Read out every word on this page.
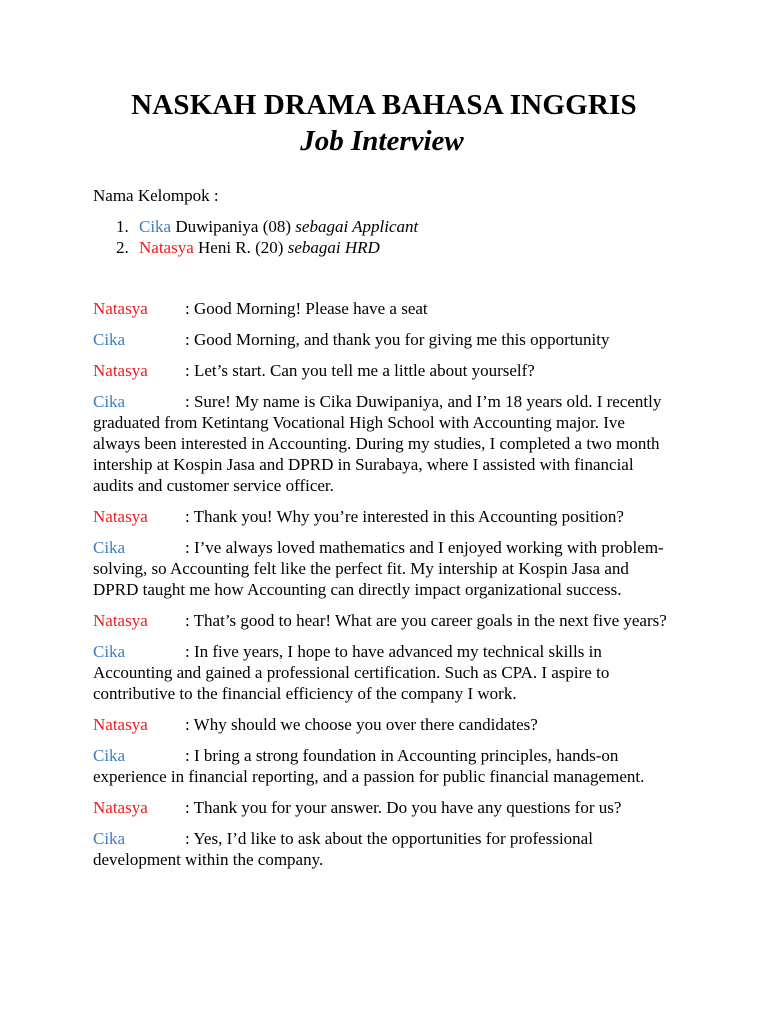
NASKAH DRAMA BAHASA INGGRIS
Job Interview
Nama Kelompok :
1. Cika Duwipaniya (08) sebagai Applicant
2. Natasya Heni R. (20) sebagai HRD

Natasya : Good Morning! Please have a seat

Cika	: Good Morning, and thank you for giving me this opportunity

Natasya : Let’s start. Can you tell me a little about yourself?

Cika	: Sure! My name is Cika Duwipaniya, and I’m 18 years old. I recently graduated from Ketintang Vocational High School with Accounting major. Ive always been interested in Accounting. During my studies, I completed a two month intership at Kospin Jasa and DPRD in Surabaya, where I assisted with financial audits and customer service officer.

Natasya : Thank you! Why you’re interested in this Accounting position?

Cika	: I’ve always loved mathematics and I enjoyed working with problem-solving, so Accounting felt like the perfect fit. My intership at Kospin Jasa and DPRD taught me how Accounting can directly impact organizational success.

Natasya : That’s good to hear! What are you career goals in the next five years?

Cika	: In five years, I hope to have advanced my technical skills in Accounting and gained a professional certification. Such as CPA. I aspire to contributive to the financial efficiency of the company I work.

Natasya : Why should we choose you over there candidates?

Cika	: I bring a strong foundation in Accounting principles, hands-on experience in financial reporting, and a passion for public financial management.

Natasya : Thank you for your answer. Do you have any questions for us?

Cika	: Yes, I’d like to ask about the opportunities for professional development within the company.
